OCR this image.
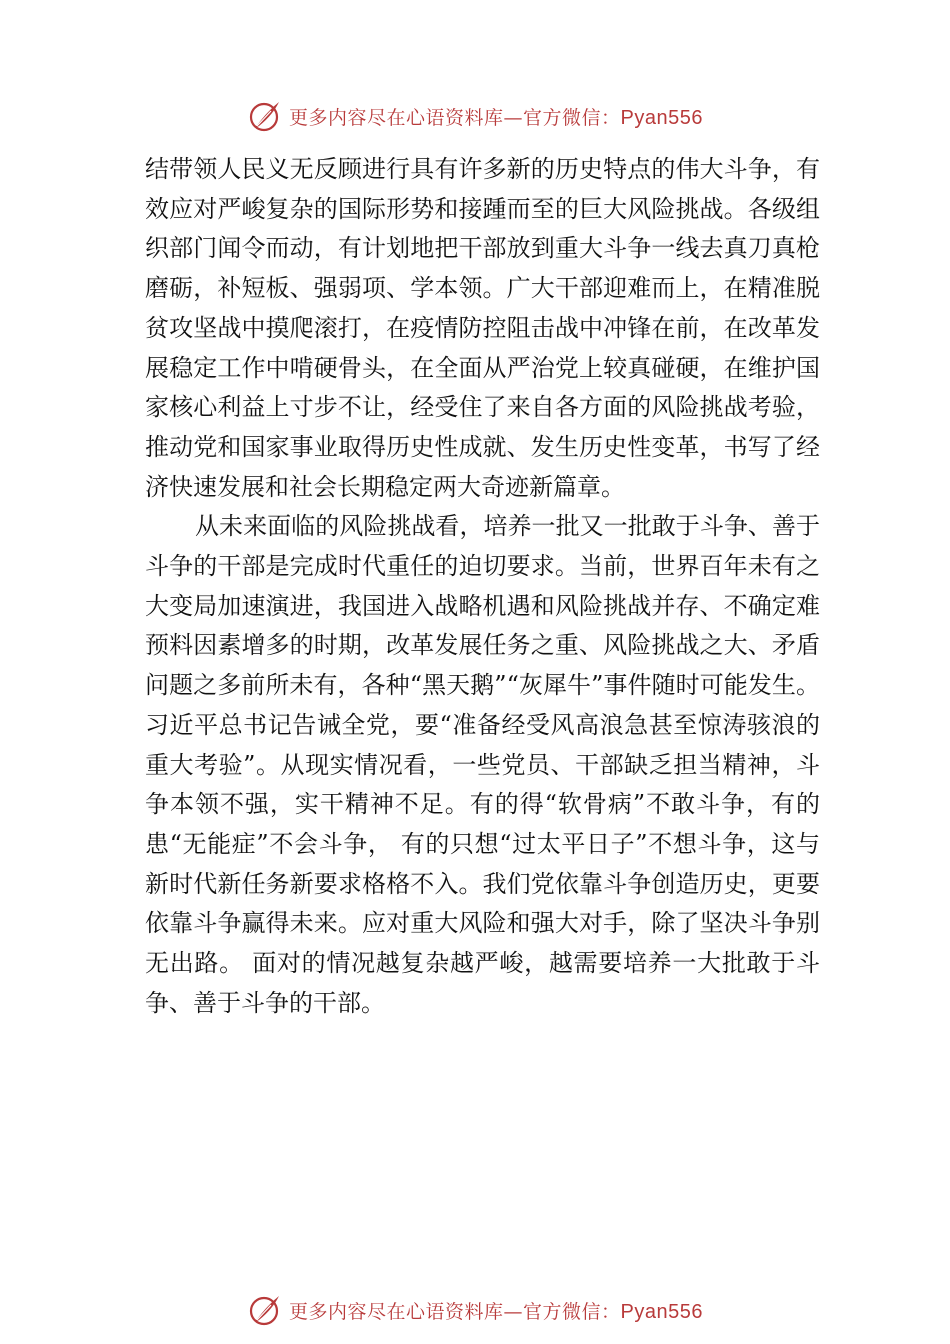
更多内容尽在心语资料库—官方微信：Pyan556

结带领人民义无反顾进行具有许多新的历史特点的伟大斗争，有效应对严峻复杂的国际形势和接踵而至的巨大风险挑战。各级组织部门闻令而动，有计划地把干部放到重大斗争一线去真刀真枪磨砺，补短板、强弱项、学本领。广大干部迎难而上，在精准脱贫攻坚战中摸爬滚打，在疫情防控阻击战中冲锋在前，在改革发展稳定工作中啃硬骨头，在全面从严治党上较真碰硬，在维护国家核心利益上寸步不让，经受住了来自各方面的风险挑战考验，推动党和国家事业取得历史性成就、发生历史性变革，书写了经济快速发展和社会长期稳定两大奇迹新篇章。

从未来面临的风险挑战看，培养一批又一批敢于斗争、善于斗争的干部是完成时代重任的迫切要求。当前，世界百年未有之大变局加速演进，我国进入战略机遇和风险挑战并存、不确定难预料因素增多的时期，改革发展任务之重、风险挑战之大、矛盾问题之多前所未有，各种“黑天鹅”“灰犀牛”事件随时可能发生。习近平总书记告诫全党，要“准备经受风高浪急甚至惊涛骇浪的重大考验”。从现实情况看，一些党员、干部缺乏担当精神，斗争本领不强，实干精神不足。有的得“软骨病”不敢斗争，有的患“无能症”不会斗争， 有的只想“过太平日子”不想斗争，这与新时代新任务新要求格格不入。我们党依靠斗争创造历史，更要依靠斗争赢得未来。应对重大风险和强大对手，除了坚决斗争别无出路。 面对的情况越复杂越严峻，越需要培养一大批敢于斗争、善于斗争的干部。

更多内容尽在心语资料库—官方微信：Pyan556
